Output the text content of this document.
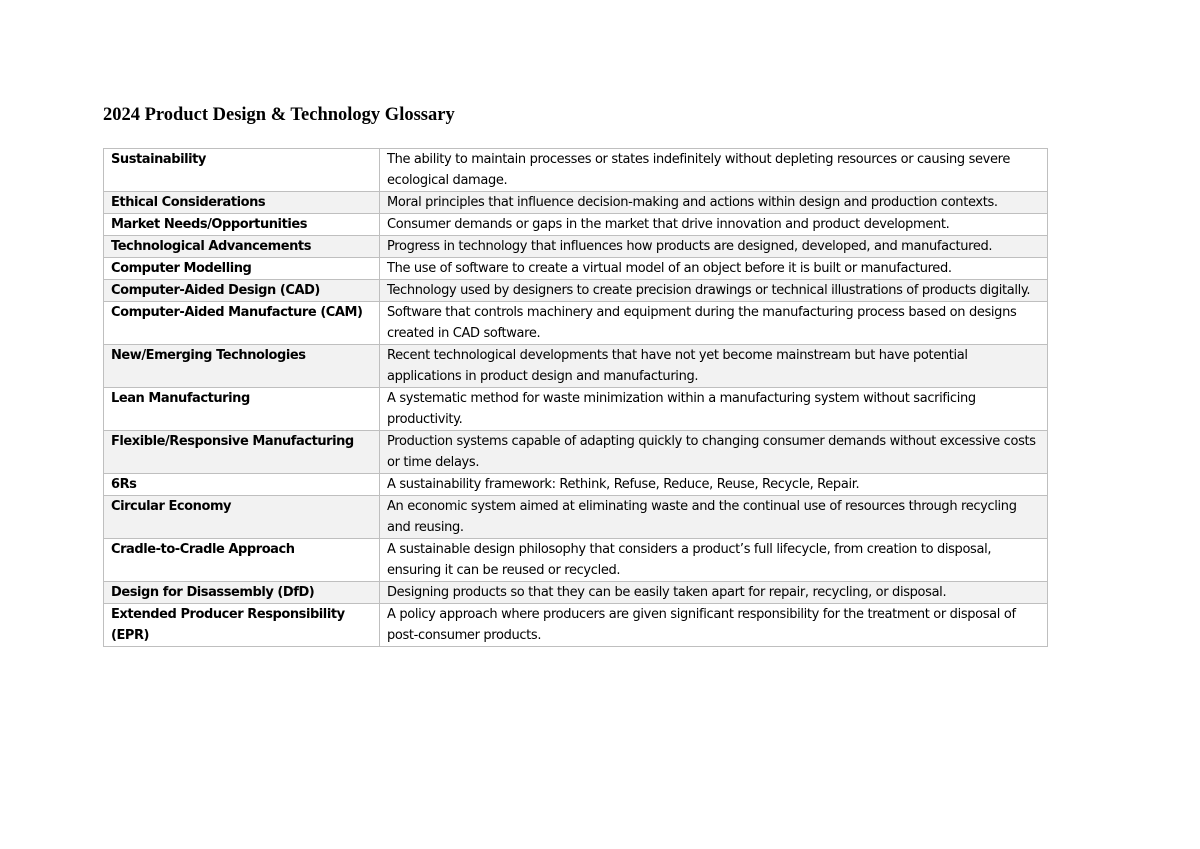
2024 Product Design & Technology Glossary
Sustainability	The ability to maintain processes or states indefinitely without depleting resources or causing severe ecological damage.
Ethical Considerations	Moral principles that influence decision-making and actions within design and production contexts.
Market Needs/Opportunities	Consumer demands or gaps in the market that drive innovation and product development.
Technological Advancements	Progress in technology that influences how products are designed, developed, and manufactured.
Computer Modelling	The use of software to create a virtual model of an object before it is built or manufactured.
Computer-Aided Design (CAD)	Technology used by designers to create precision drawings or technical illustrations of products digitally.
Computer-Aided Manufacture (CAM)	Software that controls machinery and equipment during the manufacturing process based on designs created in CAD software.
New/Emerging Technologies	Recent technological developments that have not yet become mainstream but have potential applications in product design and manufacturing.
Lean Manufacturing	A systematic method for waste minimization within a manufacturing system without sacrificing productivity.
Flexible/Responsive Manufacturing	Production systems capable of adapting quickly to changing consumer demands without excessive costs or time delays.
6Rs	A sustainability framework: Rethink, Refuse, Reduce, Reuse, Recycle, Repair.
Circular Economy	An economic system aimed at eliminating waste and the continual use of resources through recycling and reusing.
Cradle-to-Cradle Approach	A sustainable design philosophy that considers a product’s full lifecycle, from creation to disposal, ensuring it can be reused or recycled.
Design for Disassembly (DfD)	Designing products so that they can be easily taken apart for repair, recycling, or disposal.
Extended Producer Responsibility (EPR)	A policy approach where producers are given significant responsibility for the treatment or disposal of post-consumer products.
